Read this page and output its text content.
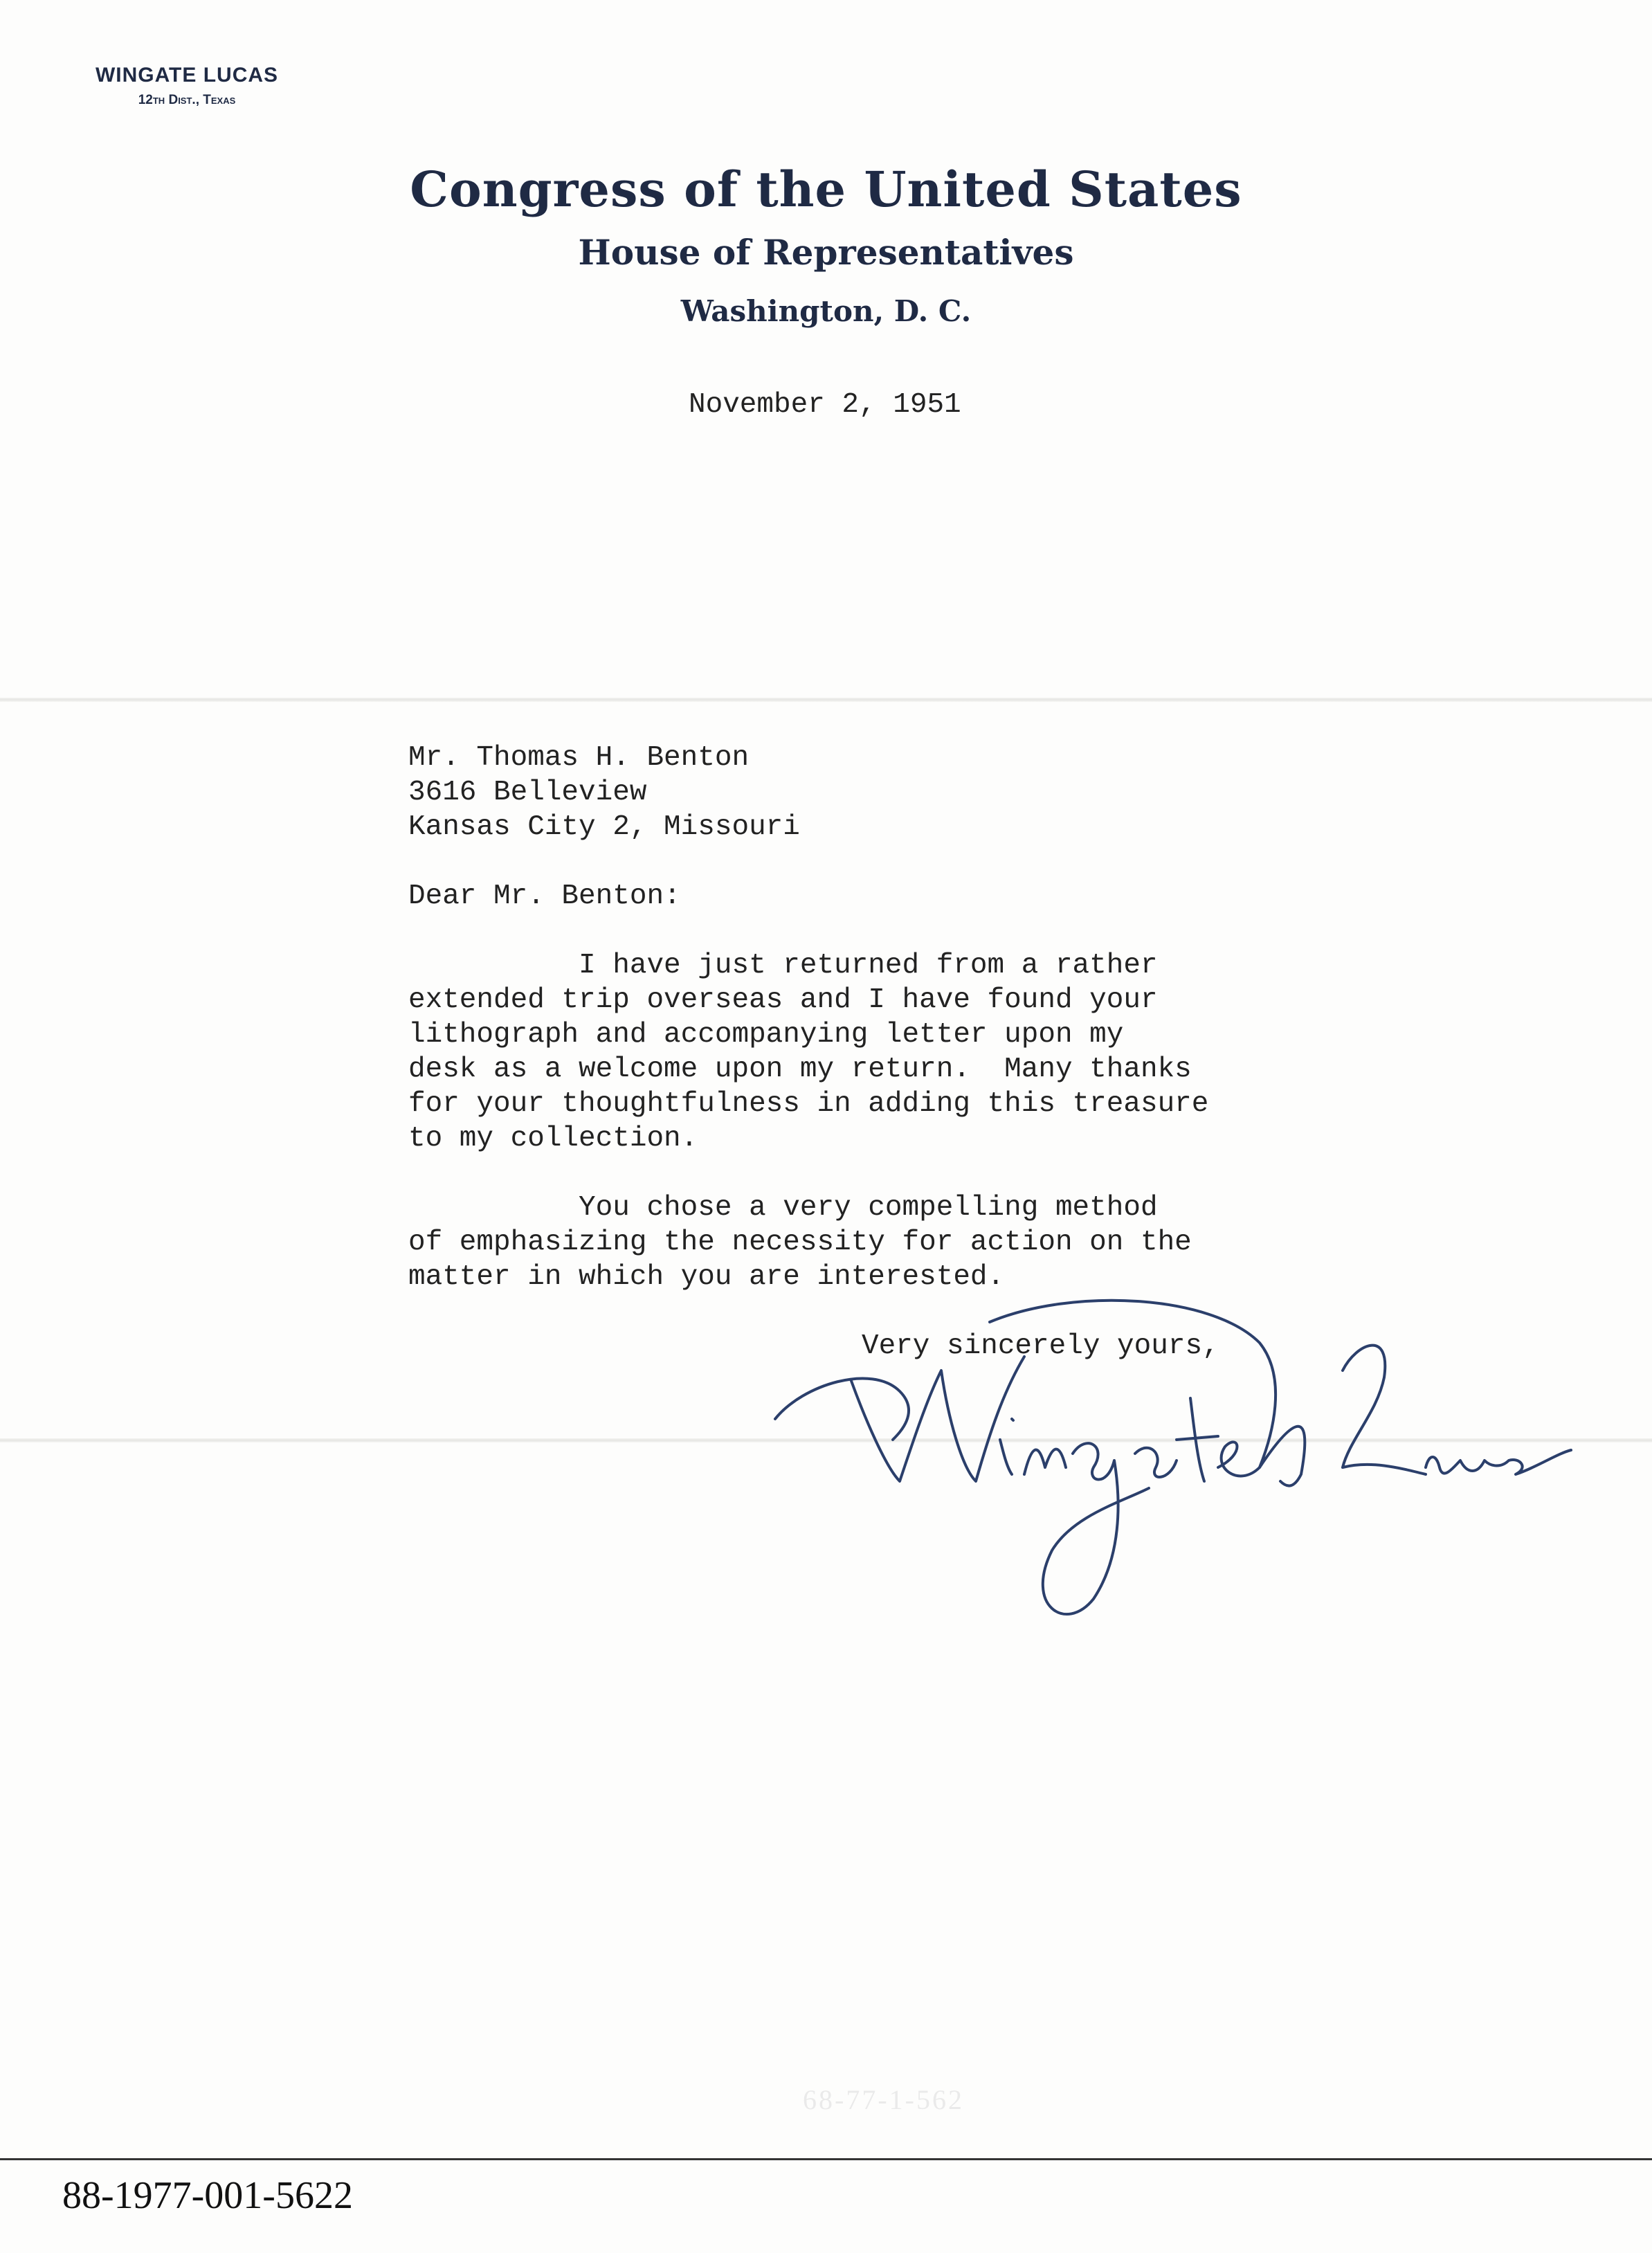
WINGATE LUCAS
12th Dist., Texas
Congress of the United States
House of Representatives
Washington, D. C.
November 2, 1951
Mr. Thomas H. Benton
3616 Belleview
Kansas City 2, Missouri
Dear Mr. Benton:
I have just returned from a rather
extended trip overseas and I have found your
lithograph and accompanying letter upon my
desk as a welcome upon my return.  Many thanks
for your thoughtfulness in adding this treasure
to my collection.
You chose a very compelling method
of emphasizing the necessity for action on the
matter in which you are interested.
Very sincerely yours,
Wingate H. Lucas
68-77-1-562
88-1977-001-5622
